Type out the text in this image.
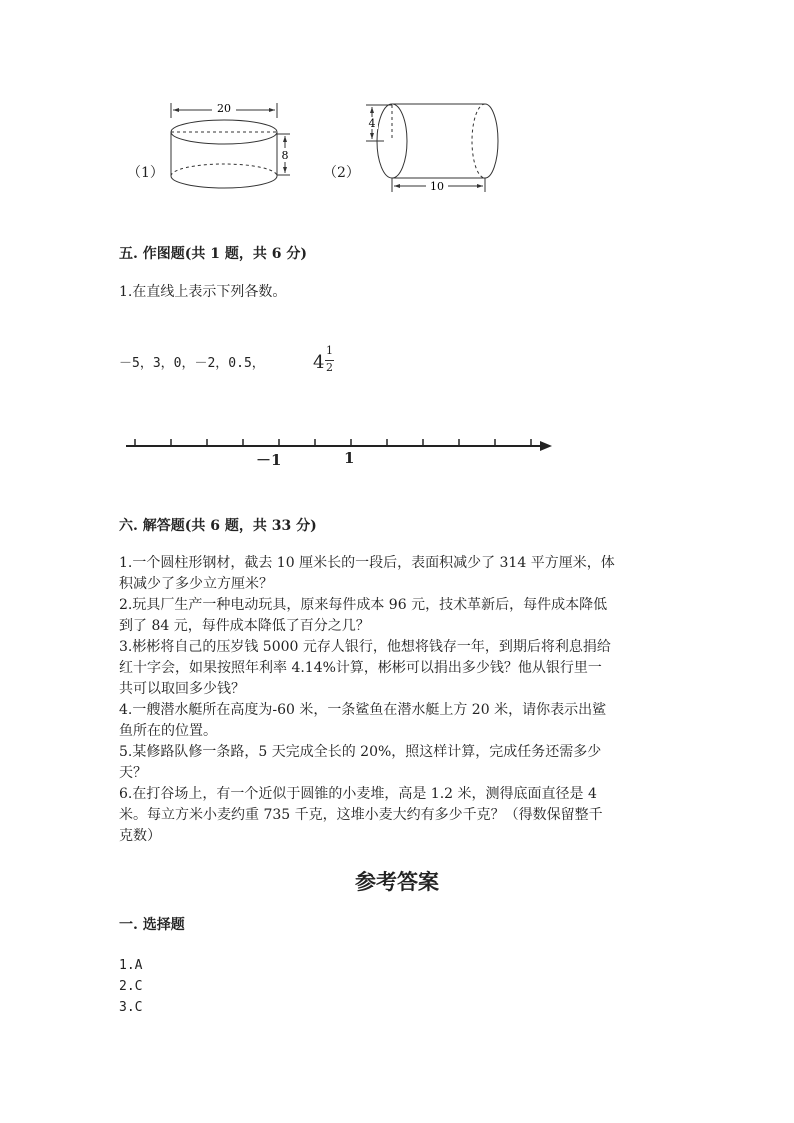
（1）
20
8
（2）
4
10
五. 作图题(共 1 题，共 6 分)
1.在直线上表示下列各数。
－5，3，0，－2，0.5，	4
1
2
－1	1
六. 解答题(共 6 题，共 33 分)
1.一个圆柱形钢材，截去 10 厘米长的一段后，表面积减少了 314 平方厘米，体
积减少了多少立方厘米？
2.玩具厂生产一种电动玩具，原来每件成本 96 元，技术革新后，每件成本降低
到了 84 元，每件成本降低了百分之几？
3.彬彬将自己的压岁钱 5000 元存人银行，他想将钱存一年，到期后将利息捐给
红十字会，如果按照年利率 4.14%计算，彬彬可以捐出多少钱？他从银行里一
共可以取回多少钱？
4.一艘潜水艇所在高度为-60 米，一条鲨鱼在潜水艇上方 20 米，请你表示出鲨
鱼所在的位置。
5.某修路队修一条路，5 天完成全长的 20%，照这样计算，完成任务还需多少
天？
6.在打谷场上，有一个近似于圆锥的小麦堆，高是 1.2 米，测得底面直径是 4
米。每立方米小麦约重 735 千克，这堆小麦大约有多少千克？（得数保留整千
克数）
参考答案
一. 选择题
1.A
2.C
3.C
